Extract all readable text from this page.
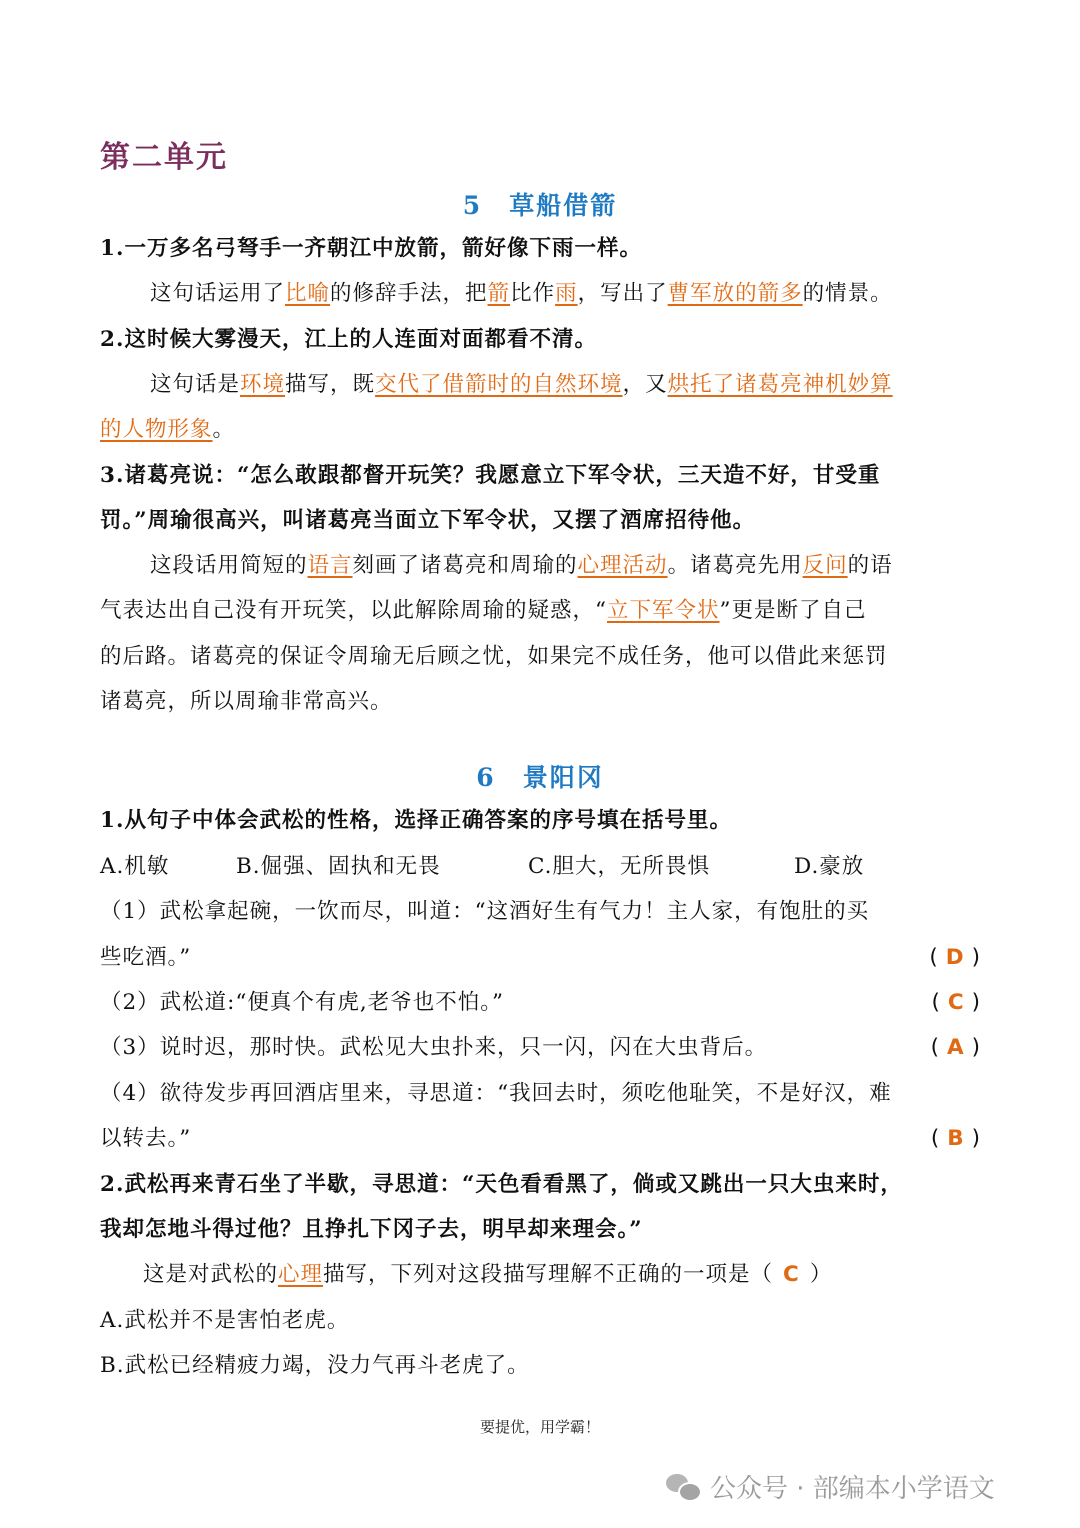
第二单元
5　草船借箭
1.一万多名弓弩手一齐朝江中放箭，箭好像下雨一样。
这句话运用了比喻的修辞手法，把箭比作雨，写出了曹军放的箭多的情景。
2.这时候大雾漫天，江上的人连面对面都看不清。
这句话是环境描写，既交代了借箭时的自然环境，又烘托了诸葛亮神机妙算
的人物形象。
3.诸葛亮说：“怎么敢跟都督开玩笑？我愿意立下军令状，三天造不好，甘受重
罚。”周瑜很高兴，叫诸葛亮当面立下军令状，又摆了酒席招待他。
这段话用简短的语言刻画了诸葛亮和周瑜的心理活动。诸葛亮先用反问的语
气表达出自己没有开玩笑，以此解除周瑜的疑惑，“立下军令状”更是断了自己
的后路。诸葛亮的保证令周瑜无后顾之忧，如果完不成任务，他可以借此来惩罚
诸葛亮，所以周瑜非常高兴。
6　景阳冈
1.从句子中体会武松的性格，选择正确答案的序号填在括号里。
A.机敏	B.倔强、固执和无畏	C.胆大，无所畏惧	D.豪放
（1）武松拿起碗，一饮而尽，叫道：“这酒好生有气力！主人家，有饱肚的买
些吃酒。”	( D )
（2）武松道:“便真个有虎,老爷也不怕。”	( C )
（3）说时迟，那时快。武松见大虫扑来，只一闪，闪在大虫背后。	( A )
（4）欲待发步再回酒店里来，寻思道：“我回去时，须吃他耻笑，不是好汉，难
以转去。”	( B )
2.武松再来青石坐了半歇，寻思道：“天色看看黑了，倘或又跳出一只大虫来时，
我却怎地斗得过他？且挣扎下冈子去，明早却来理会。”
这是对武松的心理描写，下列对这段描写理解不正确的一项是（ C ）
A.武松并不是害怕老虎。
B.武松已经精疲力竭，没力气再斗老虎了。
要提优，用学霸！
公众号 · 部编本小学语文
